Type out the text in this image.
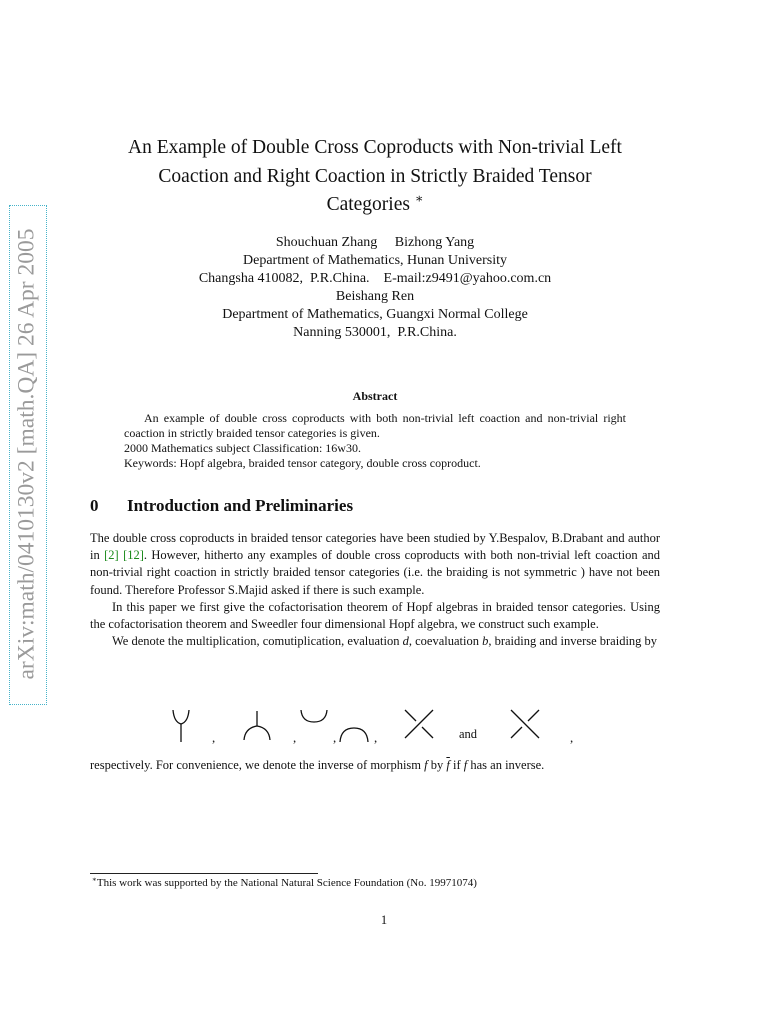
arXiv:math/0410130v2 [math.QA] 26 Apr 2005
An Example of Double Cross Coproducts with Non-trivial Left
Coaction and Right Coaction in Strictly Braided Tensor
Categories ∗
Shouchuan Zhang     Bizhong Yang
Department of Mathematics, Hunan University
Changsha 410082,  P.R.China.    E-mail:z9491@yahoo.com.cn
Beishang Ren
Department of Mathematics, Guangxi Normal College
Nanning 530001,  P.R.China.
Abstract

An example of double cross coproducts with both non-trivial left coaction and non-trivial right coaction in strictly braided tensor categories is given.

2000 Mathematics subject Classification: 16w30.

Keywords: Hopf algebra, braided tensor category, double cross coproduct.

0 Introduction and Preliminaries

The double cross coproducts in braided tensor categories have been studied by Y.Bespalov, B.Drabant and author in [2] [12]. However, hitherto any examples of double cross coproducts with both non-trivial left coaction and non-trivial right coaction in strictly braided tensor categories (i.e. the braiding is not symmetric ) have not been found. Therefore Professor S.Majid asked if there is such example.

In this paper we first give the cofactorisation theorem of Hopf algebras in braided tensor categories. Using the cofactorisation theorem and Sweedler four dimensional Hopf algebra, we construct such example.

We denote the multiplication, comutiplication, evaluation d, coevaluation b, braiding and inverse braiding by

,	,	,	,	and	,
respectively. For convenience, we denote the inverse of morphism f by $\overline{f}$ if f has an inverse.
∗This work was supported by the National Natural Science Foundation (No. 19971074)
1
